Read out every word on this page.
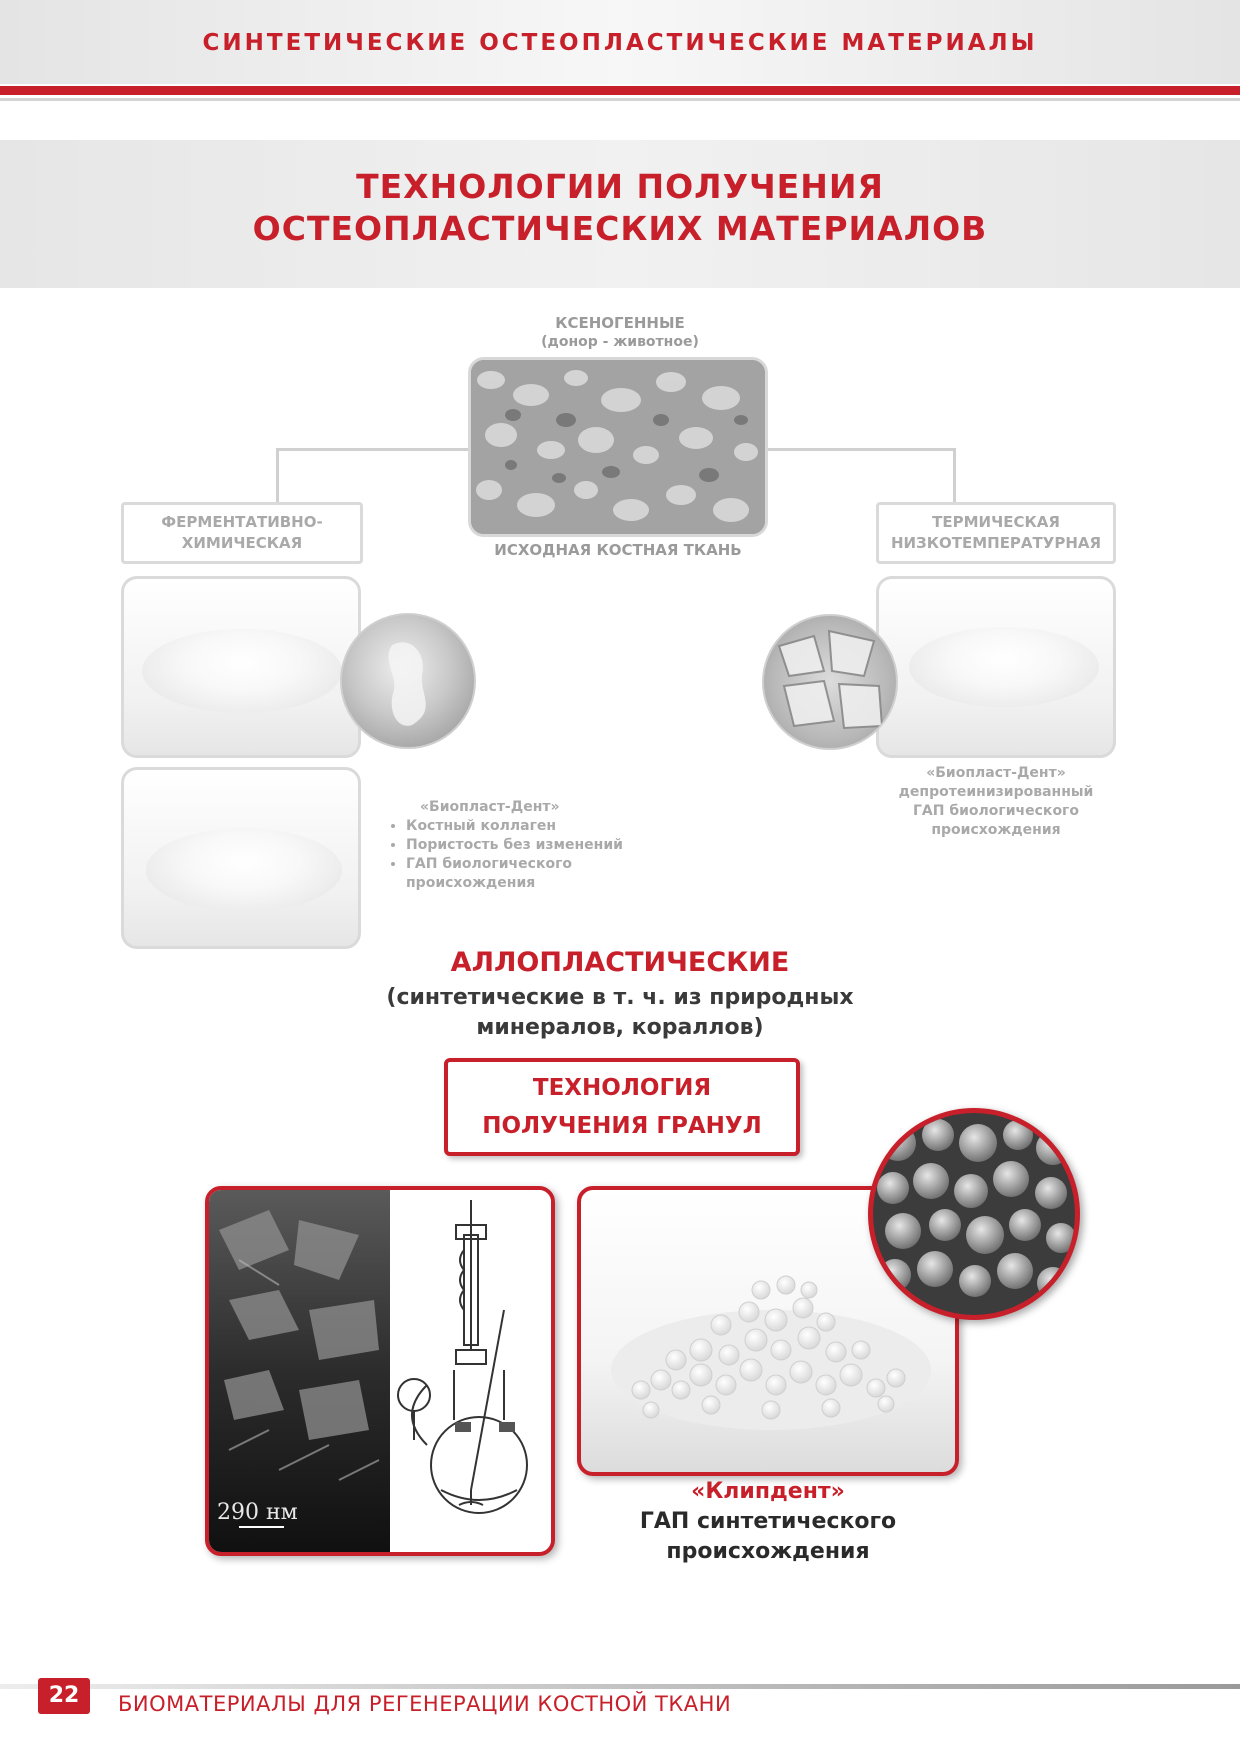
СИНТЕТИЧЕСКИЕ ОСТЕОПЛАСТИЧЕСКИЕ МАТЕРИАЛЫ
ТЕХНОЛОГИИ ПОЛУЧЕНИЯ
ОСТЕОПЛАСТИЧЕСКИХ МАТЕРИАЛОВ
КСЕНОГЕННЫЕ
(донор - животное)
ИСХОДНАЯ КОСТНАЯ ТКАНЬ
ФЕРМЕНТАТИВНО-
ХИМИЧЕСКАЯ
ТЕРМИЧЕСКАЯ
НИЗКОТЕМПЕРАТУРНАЯ
«Биопласт-Дент»
• Костный коллаген
• Пористость без изменений
• ГАП биологического происхождения
«Биопласт-Дент»
депротеинизированный
ГАП биологического
происхождения
АЛЛОПЛАСТИЧЕСКИЕ
(синтетические в т. ч. из природных
минералов, кораллов)
ТЕХНОЛОГИЯ
ПОЛУЧЕНИЯ ГРАНУЛ
290 нм
«Клипдент»
ГАП синтетического
происхождения
22	БИОМАТЕРИАЛЫ ДЛЯ РЕГЕНЕРАЦИИ КОСТНОЙ ТКАНИ
